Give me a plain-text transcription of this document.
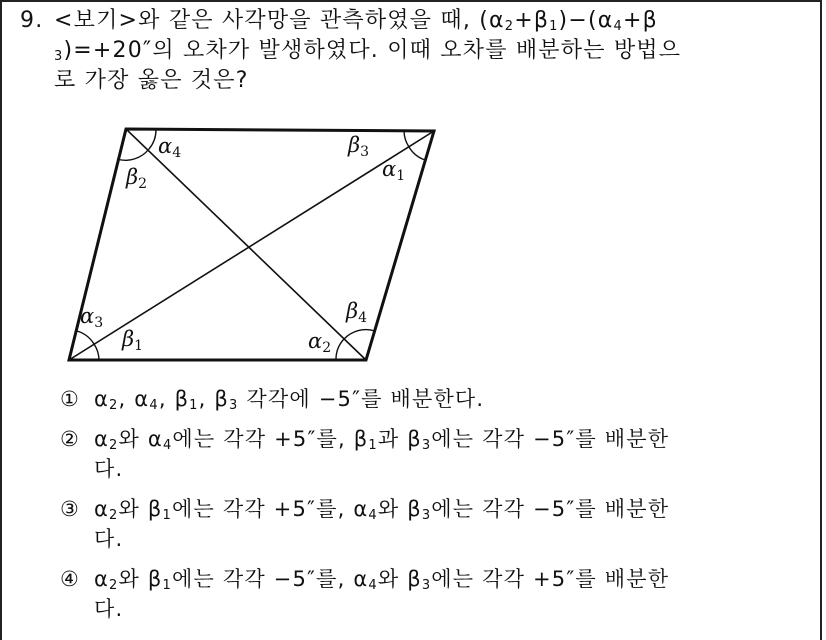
9. <보기>와 같은 사각망을 관측하였을 때, $(\alpha_2+\beta_1)-(\alpha_4+\beta$
$_3$)=+20″의 오차가 발생하였다. 이때 오차를 배분하는 방법으
로 가장 옳은 것은?
α4
β2
β3
α1
α3
β1
β4
α2
① $\alpha_2$, $\alpha_4$, $\beta_1$, $\beta_3$ 각각에 −5″를 배분한다.
② $\alpha_2$와 $\alpha_4$에는 각각 +5″를, $\beta_1$과 $\beta_3$에는 각각 −5″를 배분한
다.
③ $\alpha_2$와 $\beta_1$에는 각각 +5″를, $\alpha_4$와 $\beta_3$에는 각각 −5″를 배분한
다.
④ $\alpha_2$와 $\beta_1$에는 각각 −5″를, $\alpha_4$와 $\beta_3$에는 각각 +5″를 배분한
다.
